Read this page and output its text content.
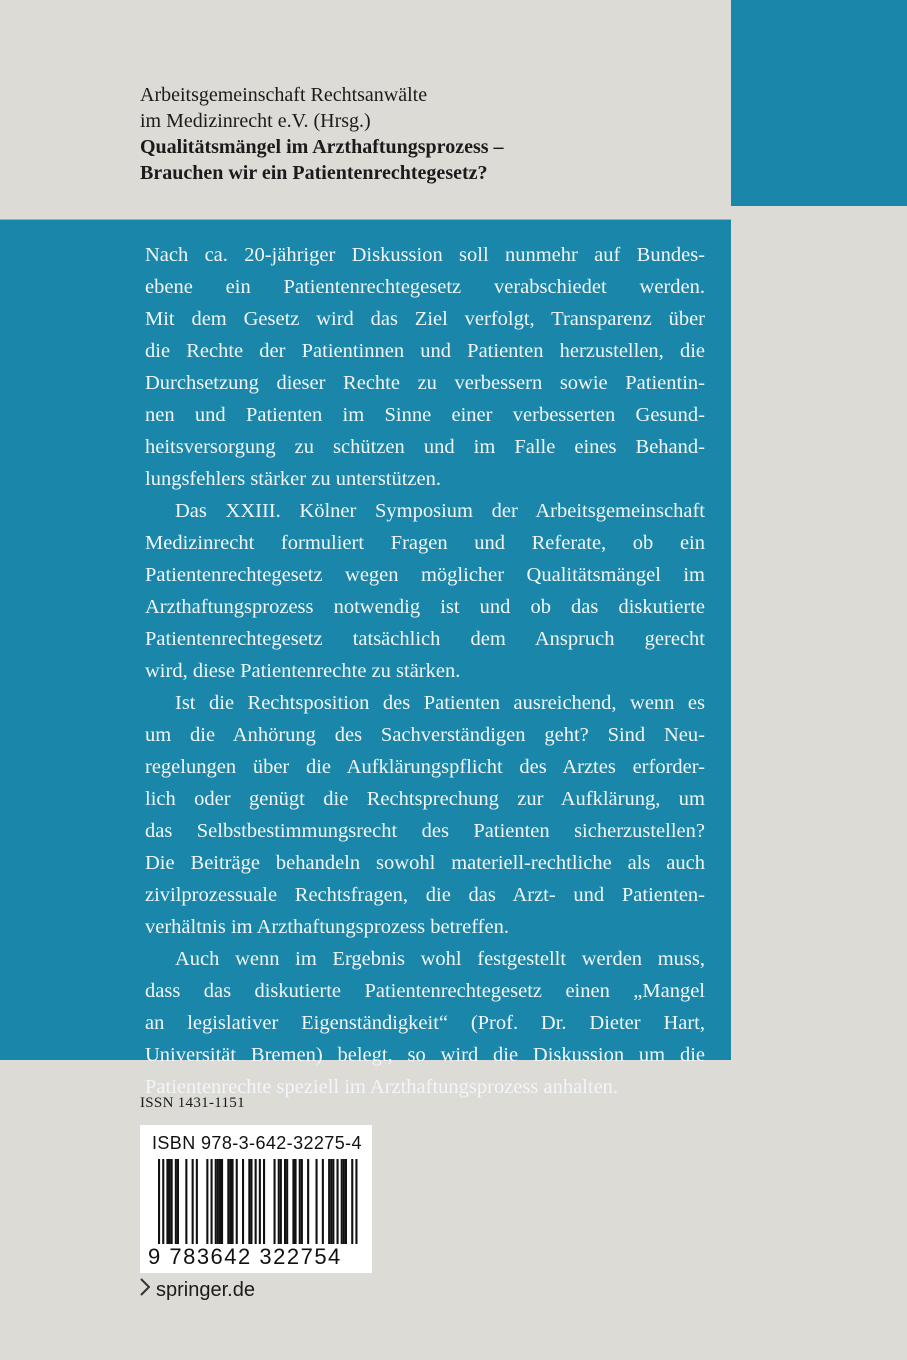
Arbeitsgemeinschaft Rechtsanwälte
im Medizinrecht e.V. (Hrsg.)
Qualitätsmängel im Arzthaftungsprozess –
Brauchen wir ein Patientenrechtegesetz?
Nach ca. 20-jähriger Diskussion soll nunmehr auf Bundes-
ebene ein Patientenrechtegesetz verabschiedet werden.
Mit dem Gesetz wird das Ziel verfolgt, Transparenz über
die Rechte der Patientinnen und Patienten herzustellen, die
Durchsetzung dieser Rechte zu verbessern sowie Patientin-
nen und Patienten im Sinne einer verbesserten Gesund-
heitsversorgung zu schützen und im Falle eines Behand-
lungsfehlers stärker zu unterstützen.
Das XXIII. Kölner Symposium der Arbeitsgemeinschaft
Medizinrecht formuliert Fragen und Referate, ob ein
Patientenrechtegesetz wegen möglicher Qualitätsmängel im
Arzthaftungsprozess notwendig ist und ob das diskutierte
Patientenrechtegesetz tatsächlich dem Anspruch gerecht
wird, diese Patientenrechte zu stärken.
Ist die Rechtsposition des Patienten ausreichend, wenn es
um die Anhörung des Sachverständigen geht? Sind Neu-
regelungen über die Aufklärungspflicht des Arztes erforder-
lich oder genügt die Rechtsprechung zur Aufklärung, um
das Selbstbestimmungsrecht des Patienten sicherzustellen?
Die Beiträge behandeln sowohl materiell-rechtliche als auch
zivilprozessuale Rechtsfragen, die das Arzt- und Patienten-
verhältnis im Arzthaftungsprozess betreffen.
Auch wenn im Ergebnis wohl festgestellt werden muss,
dass das diskutierte Patientenrechtegesetz einen „Mangel
an legislativer Eigenständigkeit“ (Prof. Dr. Dieter Hart,
Universität Bremen) belegt, so wird die Diskussion um die
Patientenrechte speziell im Arzthaftungsprozess anhalten.
ISSN 1431-1151
ISBN 978-3-642-32275-4
9 783642 322754
springer.de
